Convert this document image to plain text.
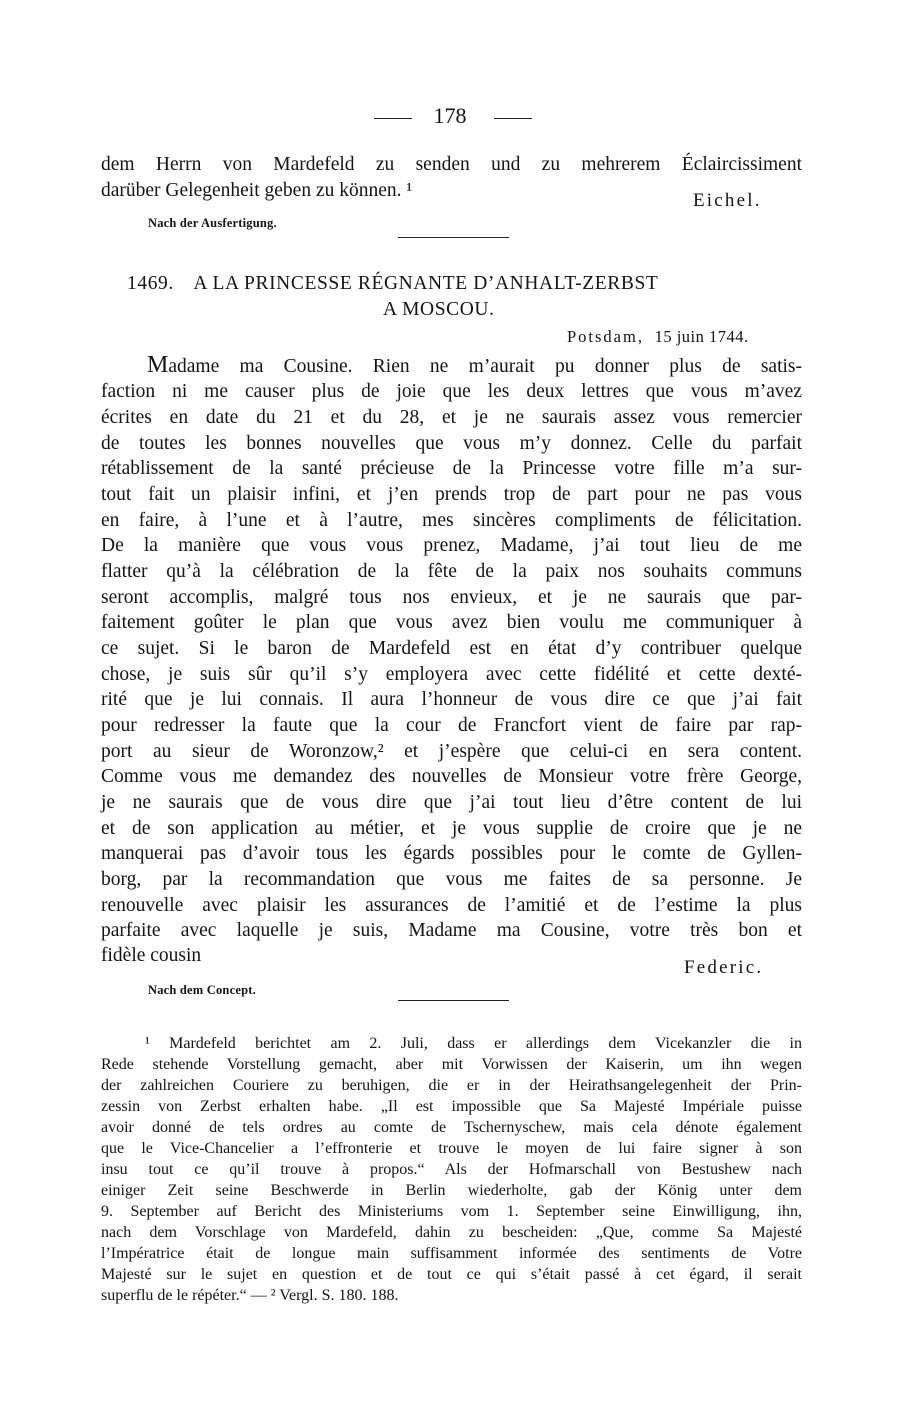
178
dem Herrn von Mardefeld zu senden und zu mehrerem Éclaircissiment
darüber Gelegenheit geben zu können. ¹	Eichel.
Nach der Ausfertigung.
1469. A LA PRINCESSE RÉGNANTE D’ANHALT-ZERBST
A MOSCOU.
Potsdam, 15 juin 1744.
Madame ma Cousine. Rien ne m’aurait pu donner plus de satis-
faction ni me causer plus de joie que les deux lettres que vous m’avez
écrites en date du 21 et du 28, et je ne saurais assez vous remercier
de toutes les bonnes nouvelles que vous m’y donnez. Celle du parfait
rétablissement de la santé précieuse de la Princesse votre fille m’a sur-
tout fait un plaisir infini, et j’en prends trop de part pour ne pas vous
en faire, à l’une et à l’autre, mes sincères compliments de félicitation.
De la manière que vous vous prenez, Madame, j’ai tout lieu de me
flatter qu’à la célébration de la fête de la paix nos souhaits communs
seront accomplis, malgré tous nos envieux, et je ne saurais que par-
faitement goûter le plan que vous avez bien voulu me communiquer à
ce sujet. Si le baron de Mardefeld est en état d’y contribuer quelque
chose, je suis sûr qu’il s’y employera avec cette fidélité et cette dexté-
rité que je lui connais. Il aura l’honneur de vous dire ce que j’ai fait
pour redresser la faute que la cour de Francfort vient de faire par rap-
port au sieur de Woronzow,² et j’espère que celui-ci en sera content.
Comme vous me demandez des nouvelles de Monsieur votre frère George,
je ne saurais que de vous dire que j’ai tout lieu d’être content de lui
et de son application au métier, et je vous supplie de croire que je ne
manquerai pas d’avoir tous les égards possibles pour le comte de Gyllen-
borg, par la recommandation que vous me faites de sa personne. Je
renouvelle avec plaisir les assurances de l’amitié et de l’estime la plus
parfaite avec laquelle je suis, Madame ma Cousine, votre très bon et
fidèle cousin
Federic.
Nach dem Concept.
¹ Mardefeld berichtet am 2. Juli, dass er allerdings dem Vicekanzler die in
Rede stehende Vorstellung gemacht, aber mit Vorwissen der Kaiserin, um ihn wegen
der zahlreichen Couriere zu beruhigen, die er in der Heirathsangelegenheit der Prin-
zessin von Zerbst erhalten habe. „Il est impossible que Sa Majesté Impériale puisse
avoir donné de tels ordres au comte de Tschernyschew, mais cela dénote également
que le Vice-Chancelier a l’effronterie et trouve le moyen de lui faire signer à son
insu tout ce qu’il trouve à propos.“ Als der Hofmarschall von Bestushew nach
einiger Zeit seine Beschwerde in Berlin wiederholte, gab der König unter dem
9. September auf Bericht des Ministeriums vom 1. September seine Einwilligung, ihn,
nach dem Vorschlage von Mardefeld, dahin zu bescheiden: „Que, comme Sa Majesté
l’Impératrice était de longue main suffisamment informée des sentiments de Votre
Majesté sur le sujet en question et de tout ce qui s’était passé à cet égard, il serait
superflu de le répéter.“ — ² Vergl. S. 180. 188.
